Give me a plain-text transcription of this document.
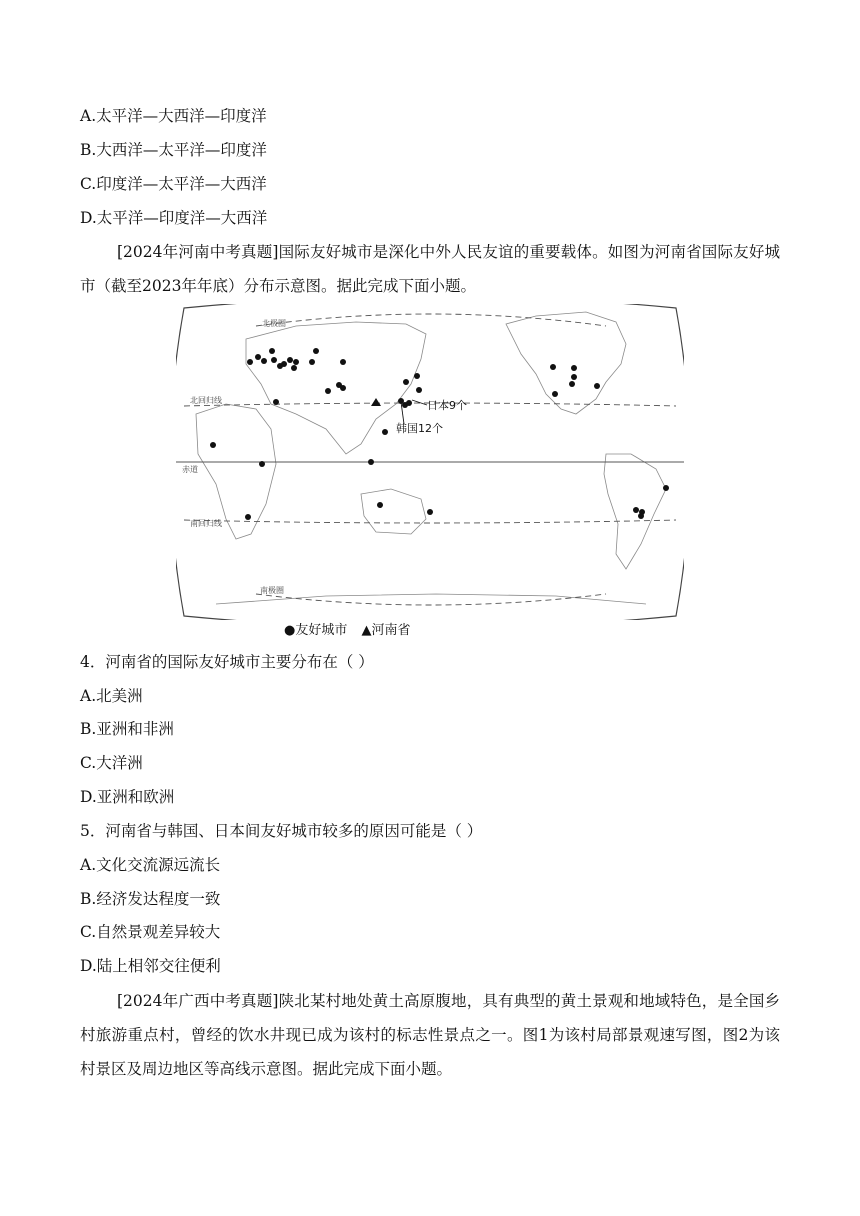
A.太平洋—大西洋—印度洋
B.大西洋—太平洋—印度洋
C.印度洋—太平洋—大西洋
D.太平洋—印度洋—大西洋
[2024年河南中考真题]国际友好城市是深化中外人民友谊的重要载体。如图为河南省国际友好城市（截至2023年年底）分布示意图。据此完成下面小题。
北极圈
北回归线
赤道
南回归线
南极圈
日本9个
韩国12个
●友好城市 ▲河南省
4．河南省的国际友好城市主要分布在（ ）
A.北美洲
B.亚洲和非洲
C.大洋洲
D.亚洲和欧洲
5．河南省与韩国、日本间友好城市较多的原因可能是（ ）
A.文化交流源远流长
B.经济发达程度一致
C.自然景观差异较大
D.陆上相邻交往便利
[2024年广西中考真题]陕北某村地处黄土高原腹地，具有典型的黄土景观和地域特色，是全国乡村旅游重点村，曾经的饮水井现已成为该村的标志性景点之一。图1为该村局部景观速写图，图2为该村景区及周边地区等高线示意图。据此完成下面小题。
